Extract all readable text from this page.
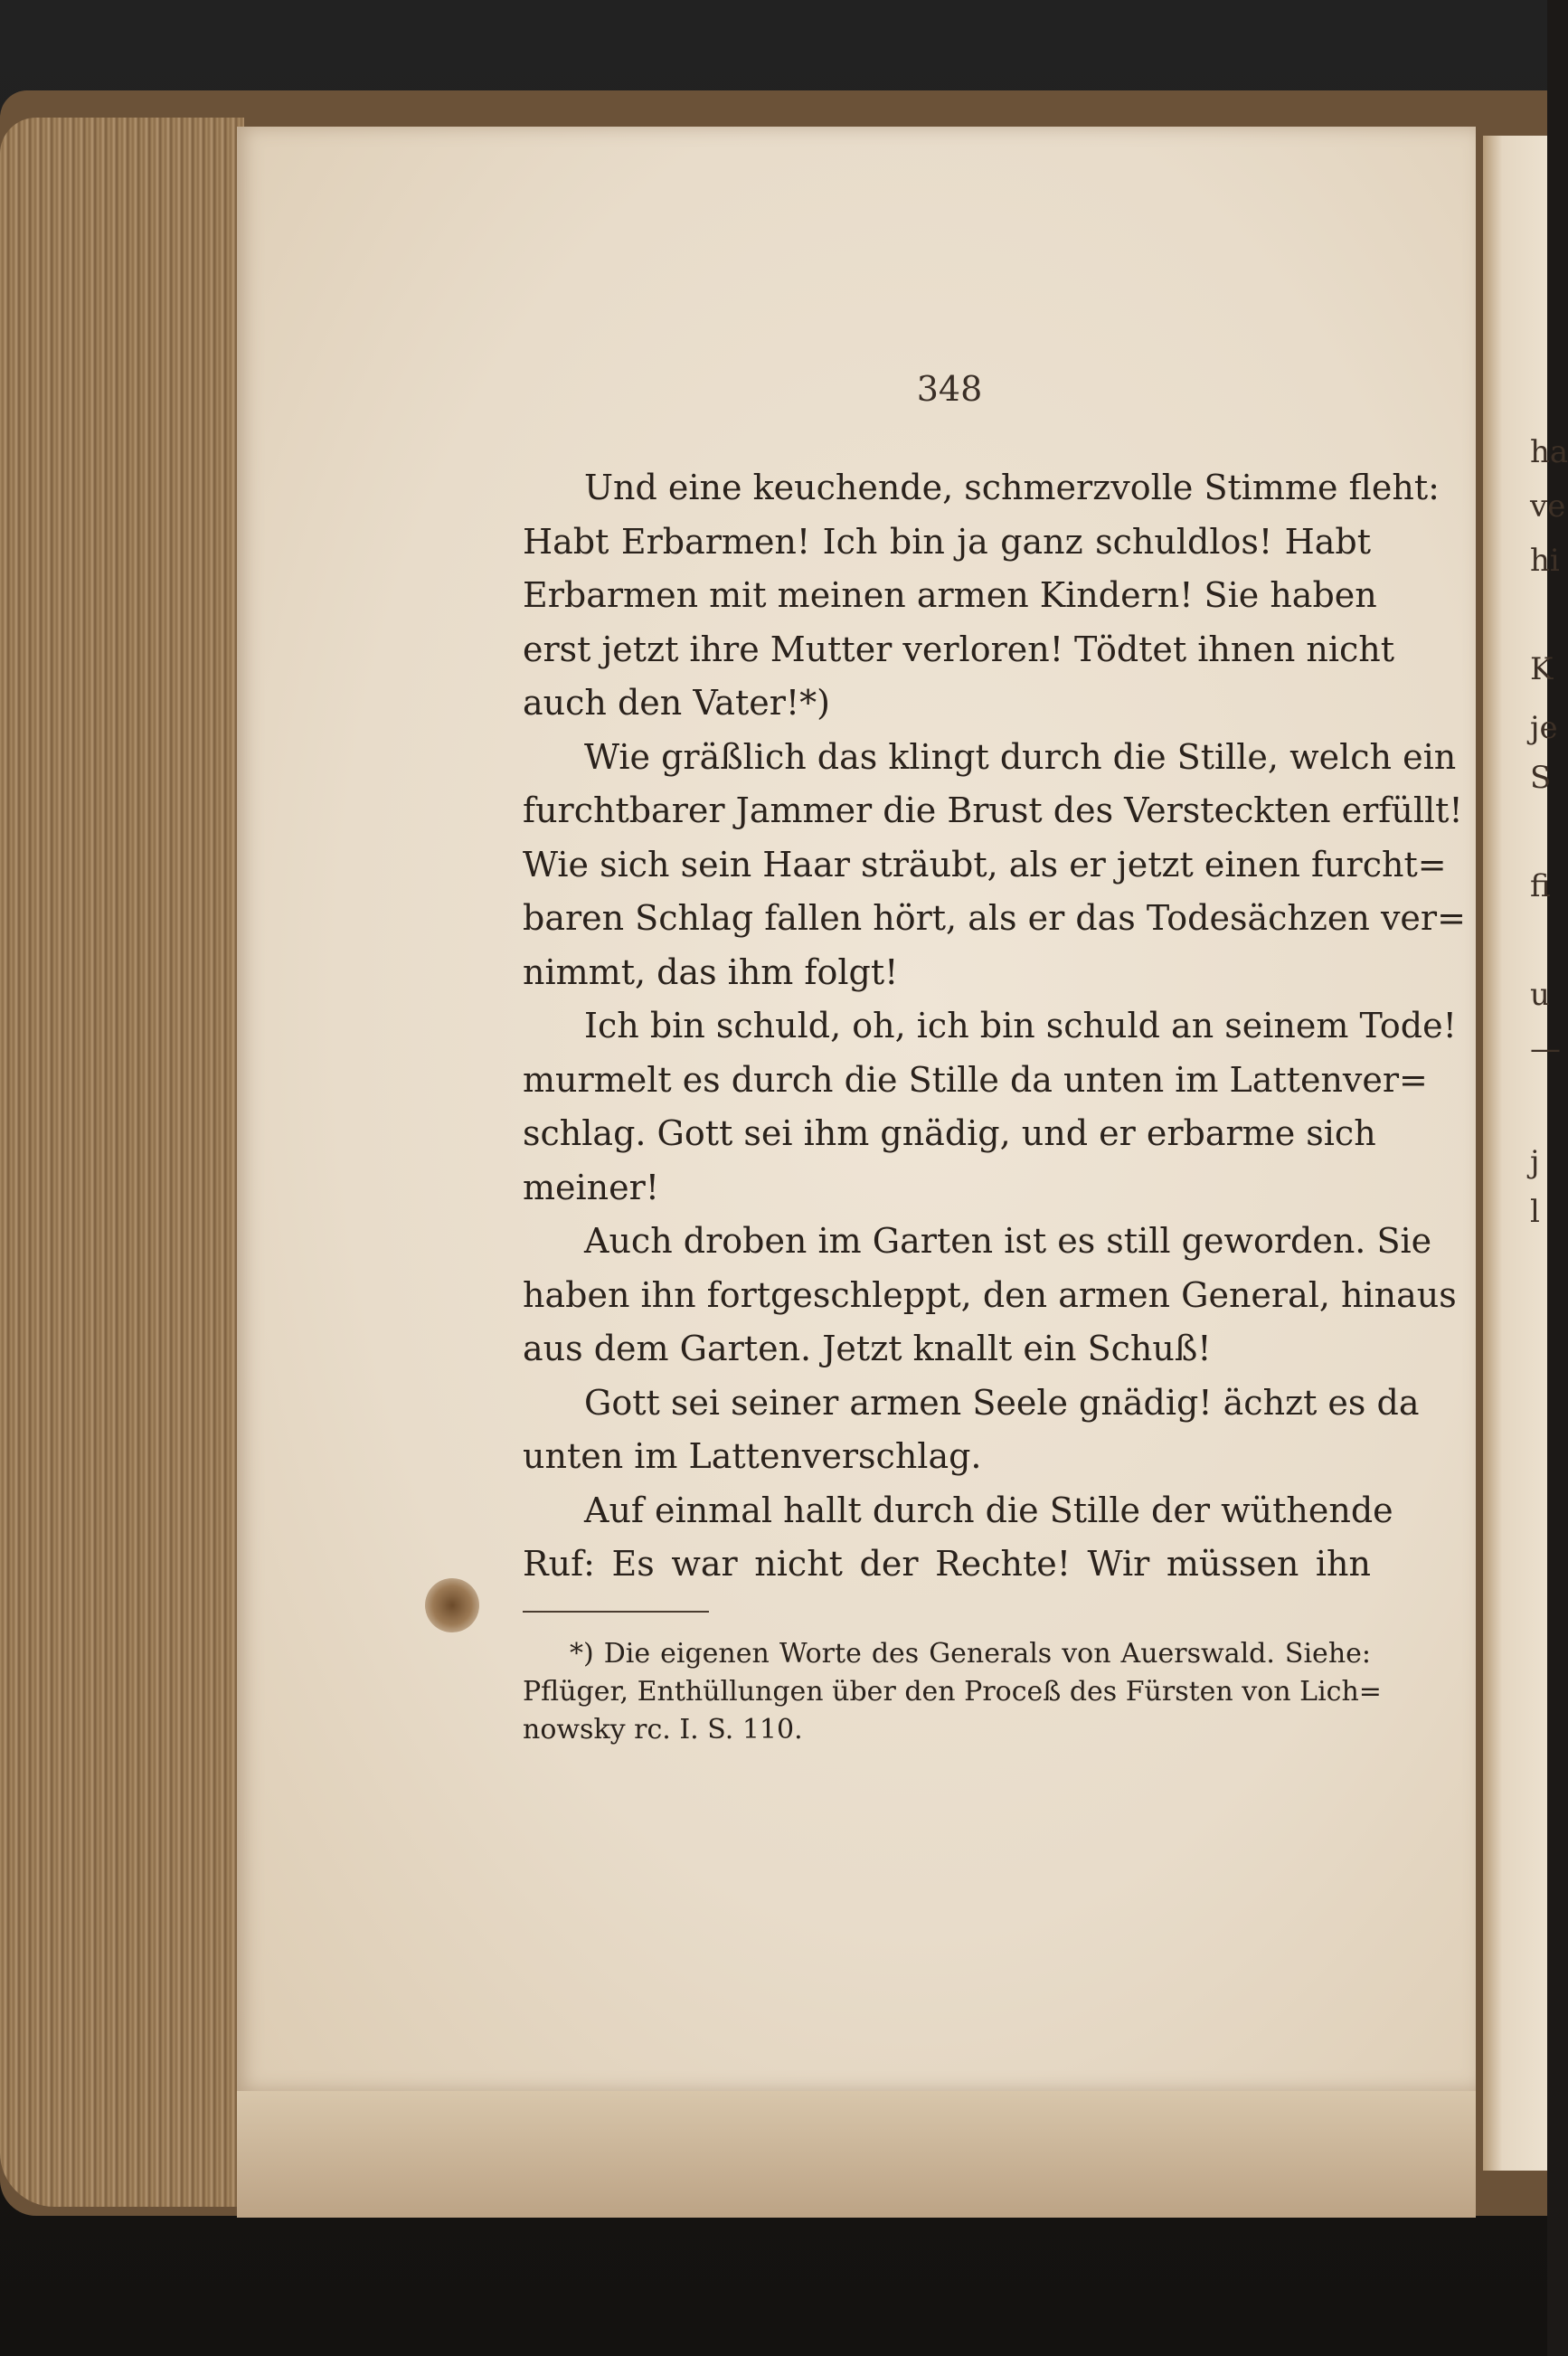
ha
ve
hi
K
je
S
fi
u
—
j
l
348
Und eine keuchende, schmerzvolle Stimme fleht:
Habt Erbarmen! Ich bin ja ganz schuldlos! Habt
Erbarmen mit meinen armen Kindern! Sie haben
erst jetzt ihre Mutter verloren! Tödtet ihnen nicht
auch den Vater!*)
Wie gräßlich das klingt durch die Stille, welch ein
furchtbarer Jammer die Brust des Versteckten erfüllt!
Wie sich sein Haar sträubt, als er jetzt einen furcht=
baren Schlag fallen hört, als er das Todesächzen ver=
nimmt, das ihm folgt!
Ich bin schuld, oh, ich bin schuld an seinem Tode!
murmelt es durch die Stille da unten im Lattenver=
schlag. Gott sei ihm gnädig, und er erbarme sich
meiner!
Auch droben im Garten ist es still geworden. Sie
haben ihn fortgeschleppt, den armen General, hinaus
aus dem Garten. Jetzt knallt ein Schuß!
Gott sei seiner armen Seele gnädig! ächzt es da
unten im Lattenverschlag.
Auf einmal hallt durch die Stille der wüthende
Ruf: Es war nicht der Rechte! Wir müssen ihn
*) Die eigenen Worte des Generals von Auerswald. Siehe:
Pflüger, Enthüllungen über den Proceß des Fürsten von Lich=
nowsky rc. I. S. 110.
